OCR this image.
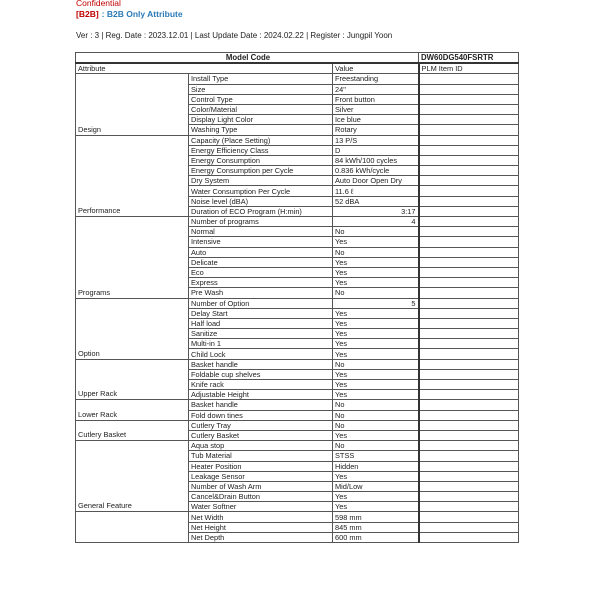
Confidential
[B2B] : B2B Only Attribute
Ver : 3 | Reg. Date : 2023.12.01 | Last Update Date : 2024.02.22 | Register : Jungpil Yoon
Model Code			DW60DG540FSRTR
Attribute		Value	PLM Item ID
Design	Install Type	Freestanding	
	Size	24"	
	Control Type	Front button	
	Color/Material	Silver	
	Display Light Color	Ice blue	
	Washing Type	Rotary	
Performance	Capacity (Place Setting)	13 P/S	
	Energy Efficiency Class	D	
	Energy Consumption	84 kWh/100 cycles	
	Energy Consumption per Cycle	0.836 kWh/cycle	
	Dry System	Auto Door Open Dry	
	Water Consumption Per Cycle	11.6 ℓ	
	Noise level (dBA)	52 dBA	
	Duration of ECO Program (H:min)	3:17	
Programs	Number of programs	4	
	Normal	No	
	Intensive	Yes	
	Auto	No	
	Delicate	Yes	
	Eco	Yes	
	Express	Yes	
	Pre Wash	No	
Option	Number of Option	5	
	Delay Start	Yes	
	Half load	Yes	
	Sanitize	Yes	
	Multi-in 1	Yes	
	Child Lock	Yes	
Upper Rack	Basket handle	No	
	Foldable cup shelves	Yes	
	Knife rack	Yes	
	Adjustable Height	Yes	
Lower Rack	Basket handle	No	
	Fold down tines	No	
Cutlery Basket	Cutlery Tray	No	
	Cutlery Basket	Yes	
General Feature	Aqua stop	No	
	Tub Material	STSS	
	Heater Position	Hidden	
	Leakage Sensor	Yes	
	Number of Wash Arm	Mid/Low	
	Cancel&Drain Button	Yes	
	Water Softner	Yes	
	Net Width	598 mm	
	Net Height	845 mm	
	Net Depth	600 mm	
